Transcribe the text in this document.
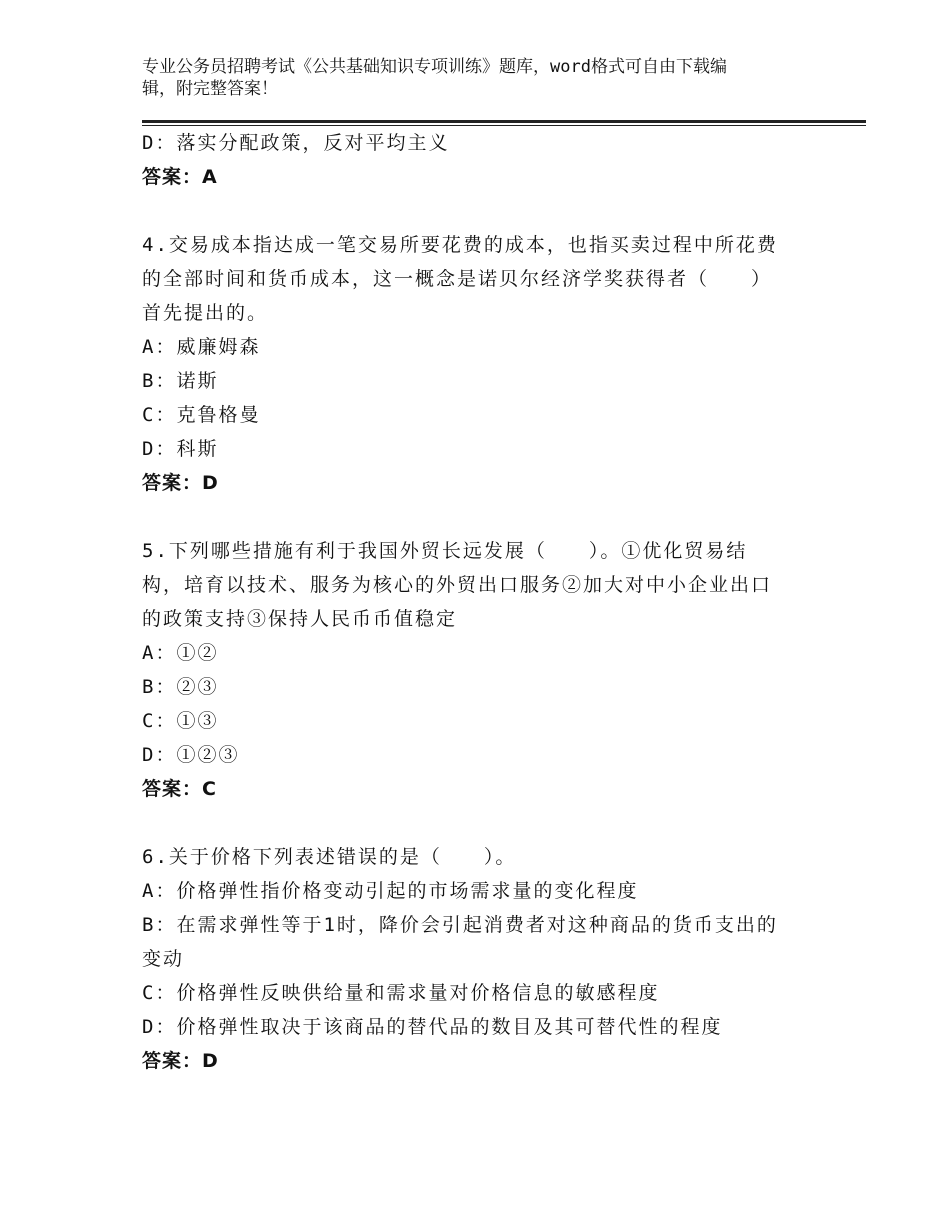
专业公务员招聘考试《公共基础知识专项训练》题库，word格式可自由下载编
辑，附完整答案！
D：落实分配政策，反对平均主义
答案：A
4.交易成本指达成一笔交易所要花费的成本，也指买卖过程中所花费
的全部时间和货币成本，这一概念是诺贝尔经济学奖获得者（　　）
首先提出的。
A：威廉姆森
B：诺斯
C：克鲁格曼
D：科斯
答案：D
5.下列哪些措施有利于我国外贸长远发展（　　）。①优化贸易结
构，培育以技术、服务为核心的外贸出口服务②加大对中小企业出口
的政策支持③保持人民币币值稳定
A：①②
B：②③
C：①③
D：①②③
答案：C
6.关于价格下列表述错误的是（　　）。
A：价格弹性指价格变动引起的市场需求量的变化程度
B：在需求弹性等于1时，降价会引起消费者对这种商品的货币支出的
变动
C：价格弹性反映供给量和需求量对价格信息的敏感程度
D：价格弹性取决于该商品的替代品的数目及其可替代性的程度
答案：D
